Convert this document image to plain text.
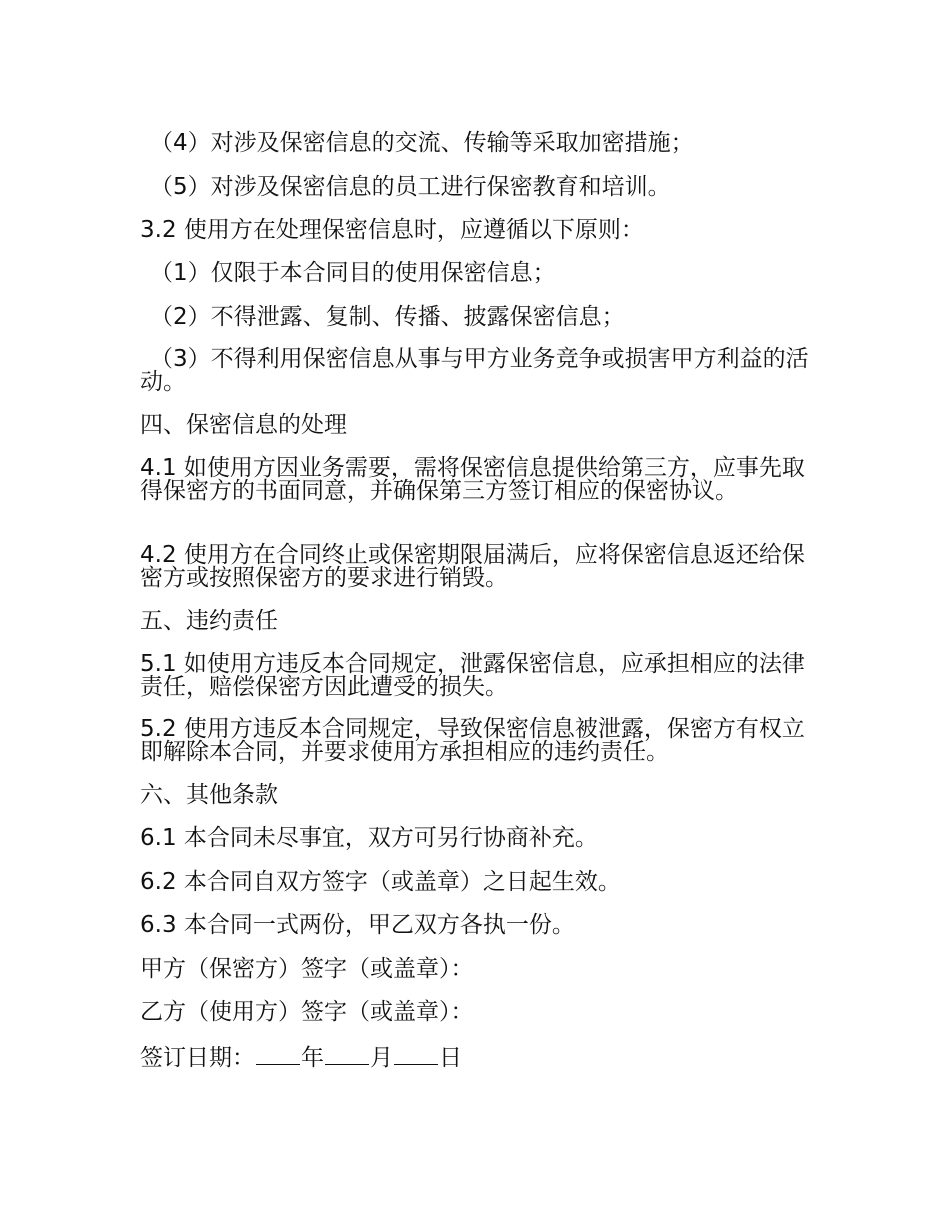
（4）对涉及保密信息的交流、传输等采取加密措施；
（5）对涉及保密信息的员工进行保密教育和培训。
3.2 使用方在处理保密信息时，应遵循以下原则：
（1）仅限于本合同目的使用保密信息；
（2）不得泄露、复制、传播、披露保密信息；
（3）不得利用保密信息从事与甲方业务竞争或损害甲方利益的活动。
四、保密信息的处理
4.1 如使用方因业务需要，需将保密信息提供给第三方，应事先取得保密方的书面同意，并确保第三方签订相应的保密协议。
4.2 使用方在合同终止或保密期限届满后，应将保密信息返还给保密方或按照保密方的要求进行销毁。
五、违约责任
5.1 如使用方违反本合同规定，泄露保密信息，应承担相应的法律责任，赔偿保密方因此遭受的损失。
5.2 使用方违反本合同规定，导致保密信息被泄露，保密方有权立即解除本合同，并要求使用方承担相应的违约责任。
六、其他条款
6.1 本合同未尽事宜，双方可另行协商补充。
6.2 本合同自双方签字（或盖章）之日起生效。
6.3 本合同一式两份，甲乙双方各执一份。
甲方（保密方）签字（或盖章）：
乙方（使用方）签字（或盖章）：
签订日期： 年 月 日
